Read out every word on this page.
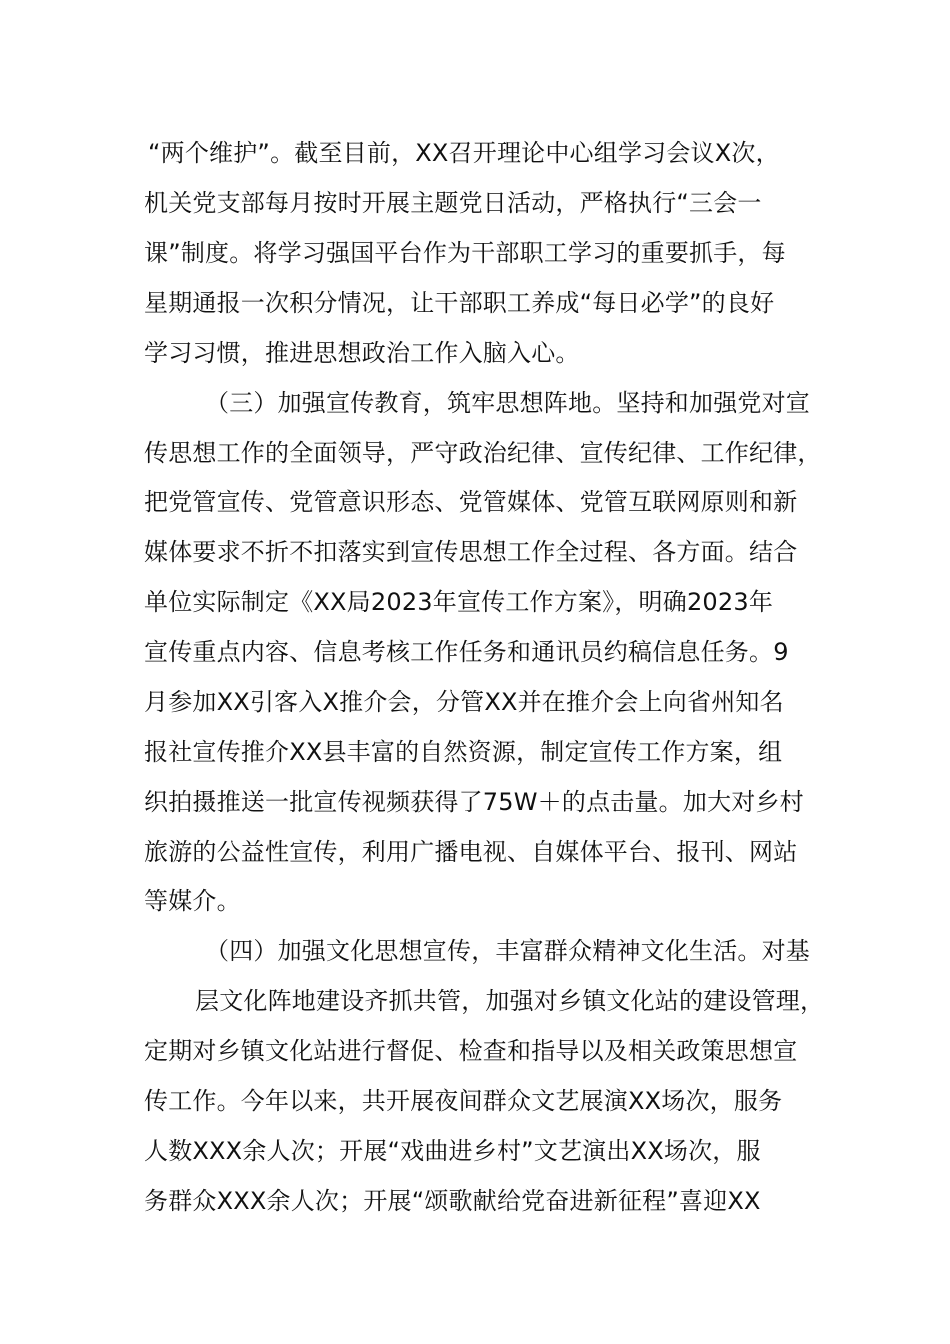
“两个维护”。截至目前，XX召开理论中心组学习会议X次，
机关党支部每月按时开展主题党日活动，严格执行“三会一
课”制度。将学习强国平台作为干部职工学习的重要抓手，每
星期通报一次积分情况，让干部职工养成“每日必学”的良好
学习习惯，推进思想政治工作入脑入心。
（三）加强宣传教育，筑牢思想阵地。坚持和加强党对宣
传思想工作的全面领导，严守政治纪律、宣传纪律、工作纪律，
把党管宣传、党管意识形态、党管媒体、党管互联网原则和新
媒体要求不折不扣落实到宣传思想工作全过程、各方面。结合
单位实际制定《XX局2023年宣传工作方案》，明确2023年
宣传重点内容、信息考核工作任务和通讯员约稿信息任务。9
月参加XX引客入X推介会，分管XX并在推介会上向省州知名
报社宣传推介XX县丰富的自然资源，制定宣传工作方案，组
织拍摄推送一批宣传视频获得了75W＋的点击量。加大对乡村
旅游的公益性宣传，利用广播电视、自媒体平台、报刊、网站
等媒介。
（四）加强文化思想宣传，丰富群众精神文化生活。对基
层文化阵地建设齐抓共管，加强对乡镇文化站的建设管理，
定期对乡镇文化站进行督促、检查和指导以及相关政策思想宣
传工作。今年以来，共开展夜间群众文艺展演XX场次，服务
人数XXX余人次；开展“戏曲进乡村”文艺演出XX场次，服
务群众XXX余人次；开展“颂歌献给党奋进新征程”喜迎XX
